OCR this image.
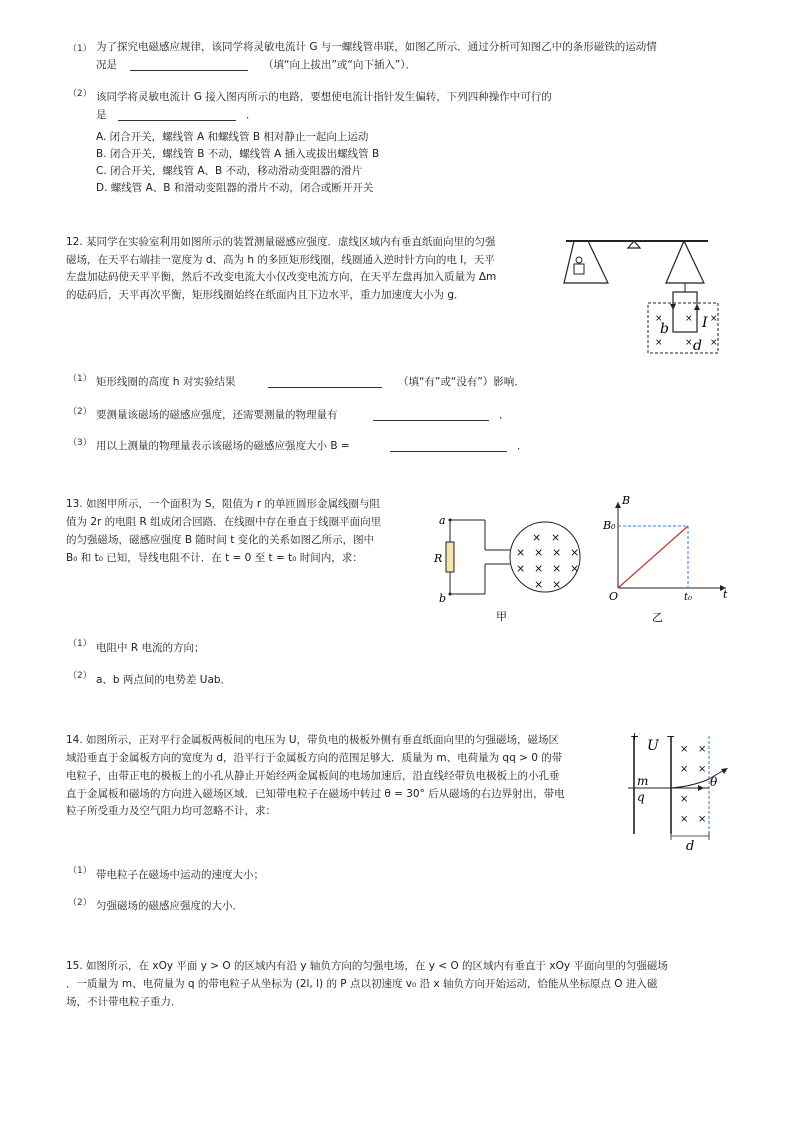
（1） 为了探究电磁感应规律，该同学将灵敏电流计 G 与一螺线管串联，如图乙所示．通过分析可知图乙中的条形磁铁的运动情
况是	（填“向上拔出”或“向下插入”）．
（2） 该同学将灵敏电流计 G 接入图丙所示的电路，要想使电流计指针发生偏转，下列四种操作中可行的
是	．
A. 闭合开关，螺线管 A 和螺线管 B 相对静止一起向上运动
B. 闭合开关，螺线管 B 不动，螺线管 A 插入或拔出螺线管 B
C. 闭合开关，螺线管 A、B 不动，移动滑动变阻器的滑片
D. 螺线管 A、B 和滑动变阻器的滑片不动，闭合或断开开关
12. 某同学在实验室利用如图所示的装置测量磁感应强度．虚线区域内有垂直纸面向里的匀强
磁场，在天平右端挂一宽度为 d、高为 h 的多匝矩形线圈，线圈通入逆时针方向的电 I，天平
左盘加砝码使天平平衡，然后不改变电流大小仅改变电流方向，在天平左盘再加入质量为 Δm
的砝码后，天平再次平衡，矩形线圈始终在纸面内且下边水平，重力加速度大小为 g．
× × ×
× × ×
b I
d
（1） 矩形线圈的高度 h 对实验结果	（填“有”或“没有”）影响．
（2） 要测量该磁场的磁感应强度，还需要测量的物理量有	．
（3） 用以上测量的物理量表示该磁场的磁感应强度大小 B =	．
13. 如图甲所示，一个面积为 S，阻值为 r 的单匝圆形金属线圈与阻
值为 2r 的电阻 R 组成闭合回路．在线圈中存在垂直于线圈平面向里
的匀强磁场，磁感应强度 B 随时间 t 变化的关系如图乙所示，图中
B₀ 和 t₀ 已知，导线电阻不计．在 t = 0 至 t = t₀ 时间内，求：
× ×
× × × ×
× × × ×
× ×
a
b
R
甲
B
B₀
O	t₀	t
乙
（1） 电阻中 R 电流的方向；
（2） a、b 两点间的电势差 Uab．
14. 如图所示，正对平行金属板两板间的电压为 U，带负电的极板外侧有垂直纸面向里的匀强磁场，磁场区
域沿垂直于金属板方向的宽度为 d，沿平行于金属板方向的范围足够大．质量为 m、电荷量为 qq > 0 的带
电粒子，由带正电的极板上的小孔从静止开始经两金属板间的电场加速后，沿直线经带负电极板上的小孔垂
直于金属板和磁场的方向进入磁场区域．已知带电粒子在磁场中转过 θ = 30° 后从磁场的右边界射出，带电
粒子所受重力及空气阻力均可忽略不计，求：
+ −
U
m
q
θ
× ×
× ×
×
× ×
d
（1） 带电粒子在磁场中运动的速度大小；
（2） 匀强磁场的磁感应强度的大小．
15. 如图所示，在 xOy 平面 y > O 的区域内有沿 y 轴负方向的匀强电场，在 y < O 的区域内有垂直于 xOy 平面向里的匀强磁场
．一质量为 m、电荷量为 q 的带电粒子从坐标为 (2l, l) 的 P 点以初速度 v₀ 沿 x 轴负方向开始运动，恰能从坐标原点 O 进入磁
场，不计带电粒子重力．
